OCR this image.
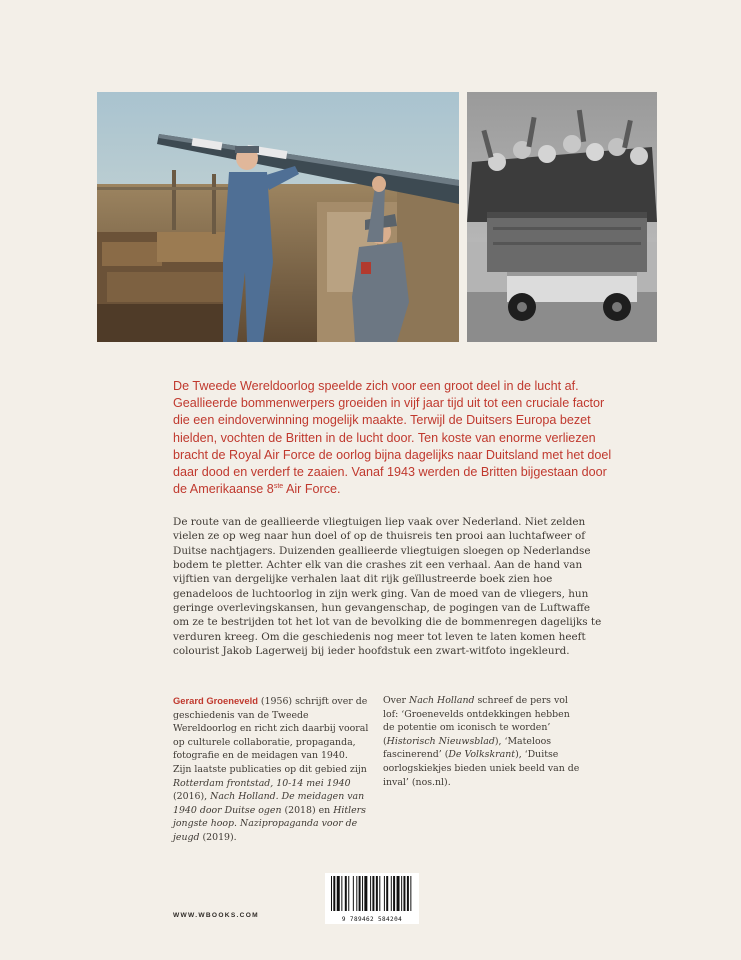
De Tweede Wereldoorlog speelde zich voor een groot deel in de lucht af. Geallieerde bommenwerpers groeiden in vijf jaar tijd uit tot een cruciale factor die een eindoverwinning mogelijk maakte. Terwijl de Duitsers Europa bezet hielden, vochten de Britten in de lucht door. Ten koste van enorme verliezen bracht de Royal Air Force de oorlog bijna dagelijks naar Duitsland met het doel daar dood en verderf te zaaien. Vanaf 1943 werden de Britten bijgestaan door de Amerikaanse 8ste Air Force.

De route van de geallieerde vliegtuigen liep vaak over Nederland. Niet zelden vielen ze op weg naar hun doel of op de thuisreis ten prooi aan luchtafweer of Duitse nachtjagers. Duizenden geallieerde vliegtuigen sloegen op Nederlandse bodem te pletter. Achter elk van die crashes zit een verhaal. Aan de hand van vijftien van dergelijke verhalen laat dit rijk geïllustreerde boek zien hoe genadeloos de luchtoorlog in zijn werk ging. Van de moed van de vliegers, hun geringe overlevingskansen, hun gevangenschap, de pogingen van de Luftwaffe om ze te bestrijden tot het lot van de bevolking die de bommenregen dagelijks te verduren kreeg. Om die geschiedenis nog meer tot leven te laten komen heeft colourist Jakob Lagerweij bij ieder hoofdstuk een zwart-witfoto ingekleurd.

Gerard Groeneveld (1956) schrijft over de geschiedenis van de Tweede Wereldoorlog en richt zich daarbij vooral op culturele collaboratie, propaganda, fotografie en de meidagen van 1940. Zijn laatste publicaties op dit gebied zijn Rotterdam frontstad, 10-14 mei 1940 (2016), Nach Holland. De meidagen van 1940 door Duitse ogen (2018) en Hitlers jongste hoop. Nazipropaganda voor de jeugd (2019).

Over Nach Holland schreef de pers vol lof: ‘Groenevelds ontdekkingen hebben de potentie om iconisch te worden’ (Historisch Nieuwsblad), ‘Mateloos fascinerend’ (De Volkskrant), ‘Duitse oorlogskiekjes bieden uniek beeld van de inval’ (nos.nl).

WWW.WBOOKS.COM
9 789462 584204
